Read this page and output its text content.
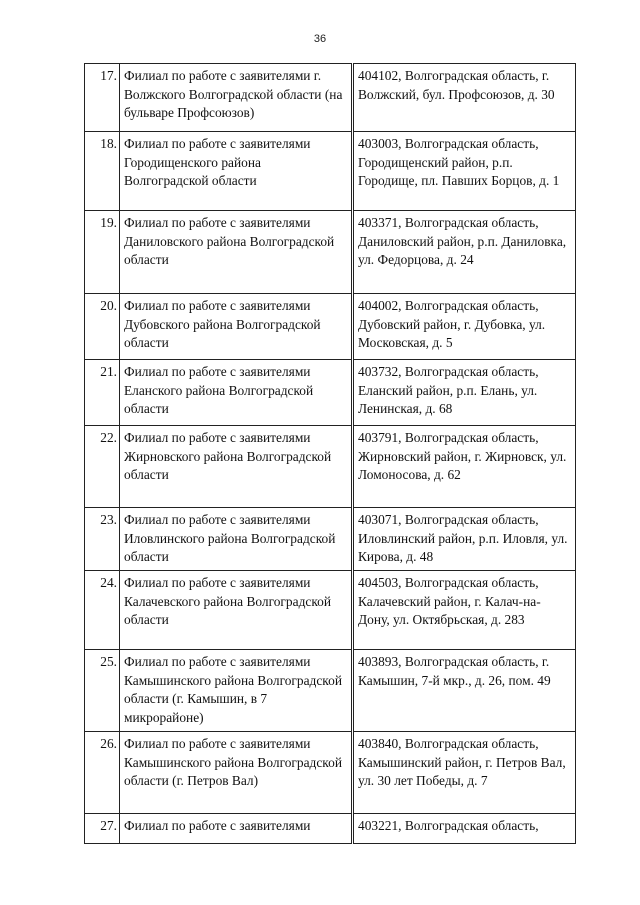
36
17.	Филиал по работе с заявителями г. Волжского Волгоградской области (на бульваре Профсоюзов)	404102, Волгоградская область, г. Волжский, бул. Профсоюзов, д. 30
18.	Филиал по работе с заявителями Городищенского района Волгоградской области	403003, Волгоградская область, Городищенский район, р.п. Городище, пл. Павших Борцов, д. 1
19.	Филиал по работе с заявителями Даниловского района Волгоградской области	403371, Волгоградская область, Даниловский район, р.п. Даниловка, ул. Федорцова, д. 24
20.	Филиал по работе с заявителями Дубовского района Волгоградской области	404002, Волгоградская область, Дубовский район, г. Дубовка, ул. Московская, д. 5
21.	Филиал по работе с заявителями Еланского района Волгоградской области	403732, Волгоградская область, Еланский район, р.п. Елань, ул. Ленинская, д. 68
22.	Филиал по работе с заявителями Жирновского района Волгоградской области	403791, Волгоградская область, Жирновский район, г. Жирновск, ул. Ломоносова, д. 62
23.	Филиал по работе с заявителями Иловлинского района Волгоградской области	403071, Волгоградская область, Иловлинский район, р.п. Иловля, ул. Кирова, д. 48
24.	Филиал по работе с заявителями Калачевского района Волгоградской области	404503, Волгоградская область, Калачевский район, г. Калач-на-Дону, ул. Октябрьская, д. 283
25.	Филиал по работе с заявителями Камышинского района Волгоградской области (г. Камышин, в 7 микрорайоне)	403893, Волгоградская область, г. Камышин, 7-й мкр., д. 26, пом. 49
26.	Филиал по работе с заявителями Камышинского района Волгоградской области (г. Петров Вал)	403840, Волгоградская область, Камышинский район, г. Петров Вал, ул. 30 лет Победы, д. 7
27.	Филиал по работе с заявителями	403221, Волгоградская область,
